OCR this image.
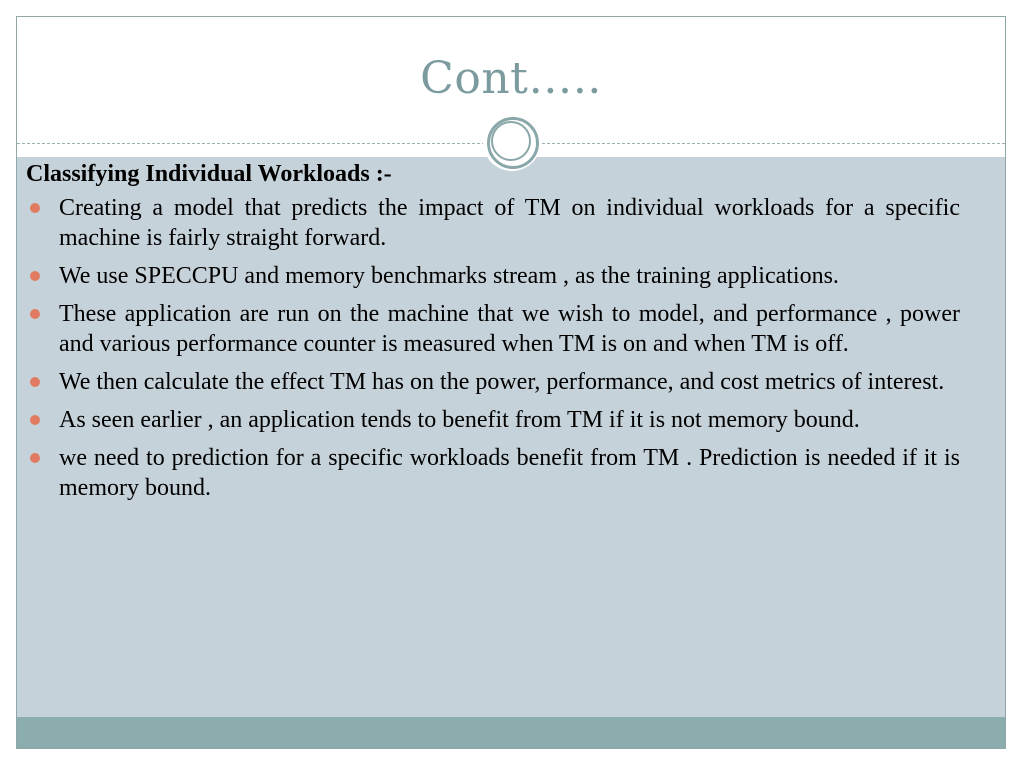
Cont…..
Classifying Individual Workloads :-
Creating a model that predicts the impact of TM on individual workloads for a specific machine is fairly straight forward.
We use SPECCPU and memory benchmarks stream , as the training applications.
These application are run on the machine that we wish to model, and performance , power and various performance counter is measured when TM is on and when TM is off.
We then calculate the effect TM has on the power, performance, and cost metrics of interest.
As seen earlier , an application tends to benefit from TM if it is not memory bound.
we need to prediction for a specific workloads benefit from TM . Prediction is needed if it is memory bound.
